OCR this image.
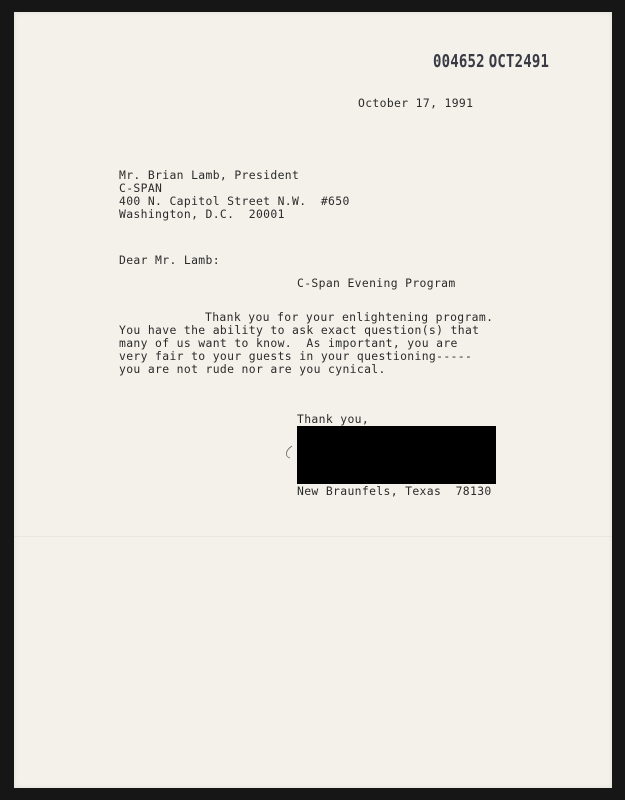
004652 OCT2491
October 17, 1991
Mr. Brian Lamb, President
C-SPAN
400 N. Capitol Street N.W.  #650
Washington, D.C.  20001
Dear Mr. Lamb:
C-Span Evening Program
Thank you for your enlightening program.
You have the ability to ask exact question(s) that
many of us want to know.  As important, you are
very fair to your guests in your questioning-----
you are not rude nor are you cynical.
Thank you,
New Braunfels, Texas  78130
